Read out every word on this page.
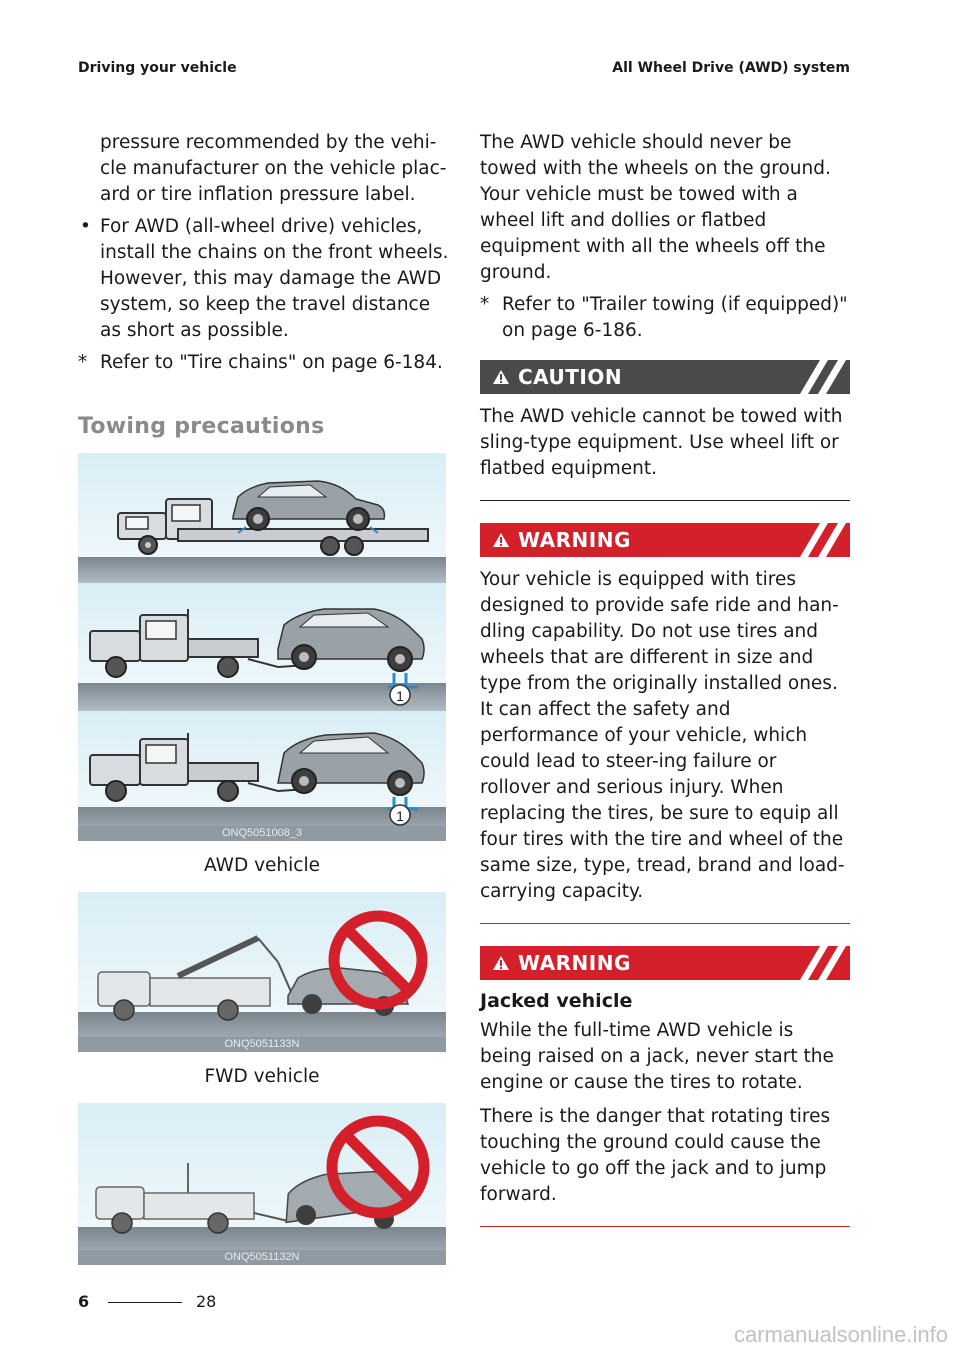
Driving your vehicle	All Wheel Drive (AWD) system
pressure recommended by the vehi-cle manufacturer on the vehicle plac-ard or tire inflation pressure label.
• For AWD (all-wheel drive) vehicles, install the chains on the front wheels. However, this may damage the AWD system, so keep the travel distance as short as possible.
* Refer to "Tire chains" on page 6-184.
Towing precautions
1
1
ONQ5051008_3
AWD vehicle
ONQ5051133N
FWD vehicle
ONQ5051132N
The AWD vehicle should never be towed with the wheels on the ground. Your vehicle must be towed with a wheel lift and dollies or flatbed equipment with all the wheels off the ground.
* Refer to "Trailer towing (if equipped)" on page 6-186.
CAUTION
The AWD vehicle cannot be towed with sling-type equipment. Use wheel lift or flatbed equipment.
WARNING
Your vehicle is equipped with tires designed to provide safe ride and han-dling capability. Do not use tires and wheels that are different in size and type from the originally installed ones. It can affect the safety and performance of your vehicle, which could lead to steer-ing failure or rollover and serious injury. When replacing the tires, be sure to equip all four tires with the tire and wheel of the same size, type, tread, brand and load-carrying capacity.
WARNING
Jacked vehicle
While the full-time AWD vehicle is being raised on a jack, never start the engine or cause the tires to rotate.
There is the danger that rotating tires touching the ground could cause the vehicle to go off the jack and to jump forward.
6	28
carmanualsonline.info
